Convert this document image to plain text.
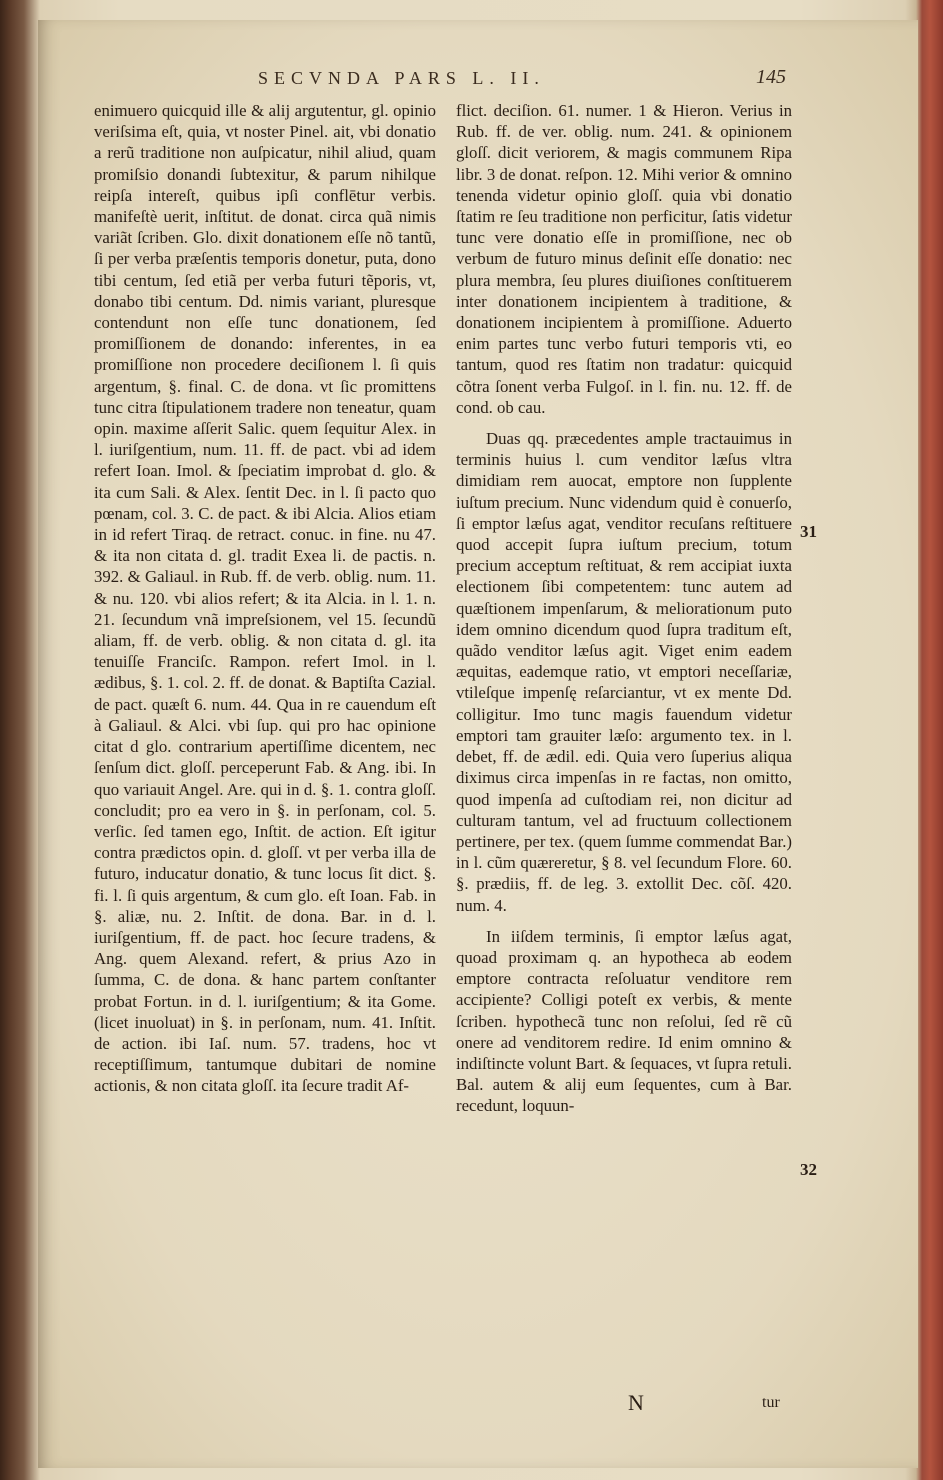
SECVNDA PARS L. II.	145

enimuero quicquid ille & alij argutentur, gl. opinio veriſsima eſt, quia, vt noster Pinel. ait, vbi donatio a rerũ traditione non auſpicatur, nihil aliud, quam promiſsio donandi ſubtexitur, & parum nihilque reipſa intereſt, quibus ipſi conflētur verbis. manifeſtè uerit, inſtitut. de donat. circa quã nimis variãt ſcriben. Glo. dixit donationem eſſe nõ tantũ, ſi per verba præſentis temporis donetur, puta, dono tibi centum, ſed etiã per verba futuri tẽporis, vt, donabo tibi centum. Dd. nimis variant, pluresque contendunt non eſſe tunc donationem, ſed promiſſionem de donando: inferentes, in ea promiſſione non procedere deciſionem l. ſi quis argentum, §. final. C. de dona. vt ſic promittens tunc citra ſtipulationem tradere non teneatur, quam opin. maxime aſſerit Salic. quem ſequitur Alex. in l. iuriſgentium, num. 11. ff. de pact. vbi ad idem refert Ioan. Imol. & ſpeciatim improbat d. glo. & ita cum Sali. & Alex. ſentit Dec. in l. ſi pacto quo pœnam, col. 3. C. de pact. & ibi Alcia. Alios etiam in id refert Tiraq. de retract. conuc. in fine. nu 47. & ita non citata d. gl. tradit Exea li. de pactis. n. 392. & Galiaul. in Rub. ff. de verb. oblig. num. 11. & nu. 120. vbi alios refert; & ita Alcia. in l. 1. n. 21. ſecundum vnã impreſsionem, vel 15. ſecundũ aliam, ff. de verb. oblig. & non citata d. gl. ita tenuiſſe Franciſc. Rampon. refert Imol. in l. ædibus, §. 1. col. 2. ff. de donat. & Baptiſta Cazial. de pact. quæſt 6. num. 44. Qua in re cauendum eſt à Galiaul. & Alci. vbi ſup. qui pro hac opinione citat d glo. contrarium apertiſſime dicentem, nec ſenſum dict. gloſſ. perceperunt Fab. & Ang. ibi. In quo variauit Angel. Are. qui in d. §. 1. contra gloſſ. concludit; pro ea vero in §. in perſonam, col. 5. verſic. ſed tamen ego, Inſtit. de action. Eſt igitur contra prædictos opin. d. gloſſ. vt per verba illa de futuro, inducatur donatio, & tunc locus ſit dict. §. fi. l. ſi quis argentum, & cum glo. eſt Ioan. Fab. in §. aliæ, nu. 2. Inſtit. de dona. Bar. in d. l. iuriſgentium, ff. de pact. hoc ſecure tradens, & Ang. quem Alexand. refert, & prius Azo in ſumma, C. de dona. & hanc partem conſtanter probat Fortun. in d. l. iuriſgentium; & ita Gome. (licet inuoluat) in §. in perſonam, num. 41. Inſtit. de action. ibi Iaſ. num. 57. tradens, hoc vt receptiſſimum, tantumque dubitari de nomine actionis, & non citata gloſſ. ita ſecure tradit Af-

flict. deciſion. 61. numer. 1 & Hieron. Verius in Rub. ff. de ver. oblig. num. 241. & opinionem gloſſ. dicit veriorem, & magis communem Ripa libr. 3 de donat. reſpon. 12. Mihi verior & omnino tenenda videtur opinio gloſſ. quia vbi donatio ſtatim re ſeu traditione non perficitur, ſatis videtur tunc vere donatio eſſe in promiſſione, nec ob verbum de futuro minus deſinit eſſe donatio: nec plura membra, ſeu plures diuiſiones conſtituerem inter donationem incipientem à traditione, & donationem incipientem à promiſſione. Aduerto enim partes tunc verbo futuri temporis vti, eo tantum, quod res ſtatim non tradatur: quicquid cõtra ſonent verba Fulgoſ. in l. fin. nu. 12. ff. de cond. ob cau.

Duas qq. præcedentes ample tractauimus in terminis huius l. cum venditor læſus vltra dimidiam rem auocat, emptore non ſupplente iuſtum precium. Nunc videndum quid è conuerſo, ſi emptor læſus agat, venditor recuſans reſtituere quod accepit ſupra iuſtum precium, totum precium acceptum reſtituat, & rem accipiat iuxta electionem ſibi competentem: tunc autem ad quæſtionem impenſarum, & meliorationum puto idem omnino dicendum quod ſupra traditum eſt, quãdo venditor læſus agit. Viget enim eadem æquitas, eademque ratio, vt emptori neceſſariæ, vtileſque impenſę reſarciantur, vt ex mente Dd. colligitur. Imo tunc magis fauendum videtur emptori tam grauiter læſo: argumento tex. in l. debet, ff. de ædil. edi. Quia vero ſuperius aliqua diximus circa impenſas in re factas, non omitto, quod impenſa ad cuſtodiam rei, non dicitur ad culturam tantum, vel ad fructuum collectionem pertinere, per tex. (quem ſumme commendat Bar.) in l. cũm quæreretur, § 8. vel ſecundum Flore. 60. §. prædiis, ff. de leg. 3. extollit Dec. cõſ. 420. num. 4.

In iiſdem terminis, ſi emptor læſus agat, quoad proximam q. an hypotheca ab eodem emptore contracta reſoluatur venditore rem accipiente? Colligi poteſt ex verbis, & mente ſcriben. hypothecã tunc non reſolui, ſed rẽ cũ onere ad venditorem redire. Id enim omnino & indiſtincte volunt Bart. & ſequaces, vt ſupra retuli. Bal. autem & alij eum ſequentes, cum à Bar. recedunt, loquun-

31
32
N	tur
